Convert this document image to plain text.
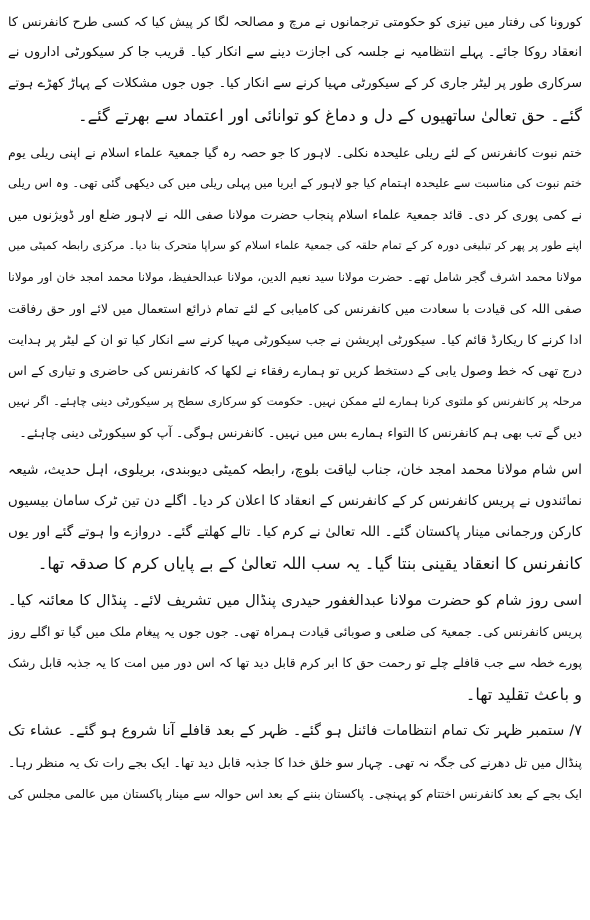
کورونا کی رفتار میں تیزی کو حکومتی ترجمانوں نے مرچ و مصالحہ لگا کر پیش کیا کہ کسی طرح کانفرنس کا
انعقاد روکا جائے۔ پہلے انتظامیہ نے جلسہ کی اجازت دینے سے انکار کیا۔ قریب جا کر سیکورٹی اداروں نے
سرکاری طور پر لیٹر جاری کر کے سیکورٹی مہیا کرنے سے انکار کیا۔ جوں جوں مشکلات کے پہاڑ کھڑے ہوتے
گئے۔ حق تعالیٰ ساتھیوں کے دل و دماغ کو توانائی اور اعتماد سے بھرتے گئے۔
ختم نبوت کانفرنس کے لئے ریلی علیحدہ نکلی۔ لاہور کا جو حصہ رہ گیا جمعیۃ علماء اسلام نے اپنی ریلی یوم
ختم نبوت کی مناسبت سے علیحدہ اہتمام کیا جو لاہور کے ایریا میں پہلی ریلی میں کی دیکھی گئی تھی۔ وہ اس ریلی
نے کمی پوری کر دی۔ قائد جمعیۃ علماء اسلام پنجاب حضرت مولانا صفی اللہ نے لاہور ضلع اور ڈویژنوں میں
اپنے طور پر پھر کر تبلیغی دورہ کر کے تمام حلقہ کی جمعیۃ علماء اسلام کو سراپا متحرک بنا دیا۔ مرکزی رابطہ کمیٹی میں
مولانا محمد اشرف گجر شامل تھے۔ حضرت مولانا سید نعیم الدین، مولانا عبدالحفیظ، مولانا محمد امجد خان اور مولانا
صفی اللہ کی قیادت با سعادت میں کانفرنس کی کامیابی کے لئے تمام ذرائع استعمال میں لائے اور حق رفاقت
ادا کرنے کا ریکارڈ قائم کیا۔ سیکورٹی اپریشن نے جب سیکورٹی مہیا کرنے سے انکار کیا تو ان کے لیٹر پر ہدایت
درج تھی کہ خط وصول یابی کے دستخط کریں تو ہمارے رفقاء نے لکھا کہ کانفرنس کی حاضری و تیاری کے اس
مرحلہ پر کانفرنس کو ملتوی کرنا ہمارے لئے ممکن نہیں۔ حکومت کو سرکاری سطح پر سیکورٹی دینی چاہئے۔ اگر نہیں
دیں گے تب بھی ہم کانفرنس کا التواء ہمارے بس میں نہیں۔ کانفرنس ہوگی۔ آپ کو سیکورٹی دینی چاہئے۔
اس شام مولانا محمد امجد خان، جناب لیاقت بلوچ، رابطہ کمیٹی دیوبندی، بریلوی، اہل حدیث، شیعہ
نمائندوں نے پریس کانفرنس کر کے کانفرنس کے انعقاد کا اعلان کر دیا۔ اگلے دن تین ٹرک سامان بیسیوں
کارکن ورجمانی مینار پاکستان گئے۔ اللہ تعالیٰ نے کرم کیا۔ تالے کھلتے گئے۔ دروازے وا ہوتے گئے اور یوں
کانفرنس کا انعقاد یقینی بنتا گیا۔ یہ سب اللہ تعالیٰ کے بے پایاں کرم کا صدقہ تھا۔
اسی روز شام کو حضرت مولانا عبدالغفور حیدری پنڈال میں تشریف لائے۔ پنڈال کا معائنہ کیا۔
پریس کانفرنس کی۔ جمعیۃ کی ضلعی و صوبائی قیادت ہمراہ تھی۔ جوں جوں یہ پیغام ملک میں گیا تو اگلے روز
پورے خطہ سے جب قافلے چلے تو رحمت حق کا ابر کرم قابل دید تھا کہ اس دور میں امت کا یہ جذبہ قابل رشک
و باعث تقلید تھا۔
۷/ ستمبر ظہر تک تمام انتظامات فائنل ہو گئے۔ ظہر کے بعد قافلے آنا شروع ہو گئے۔ عشاء تک
پنڈال میں تل دھرنے کی جگہ نہ تھی۔ چہار سو خلق خدا کا جذبہ قابل دید تھا۔ ایک بجے رات تک یہ منظر رہا۔
ایک بجے کے بعد کانفرنس اختتام کو پہنچی۔ پاکستان بننے کے بعد اس حوالہ سے مینار پاکستان میں عالمی مجلس کی
